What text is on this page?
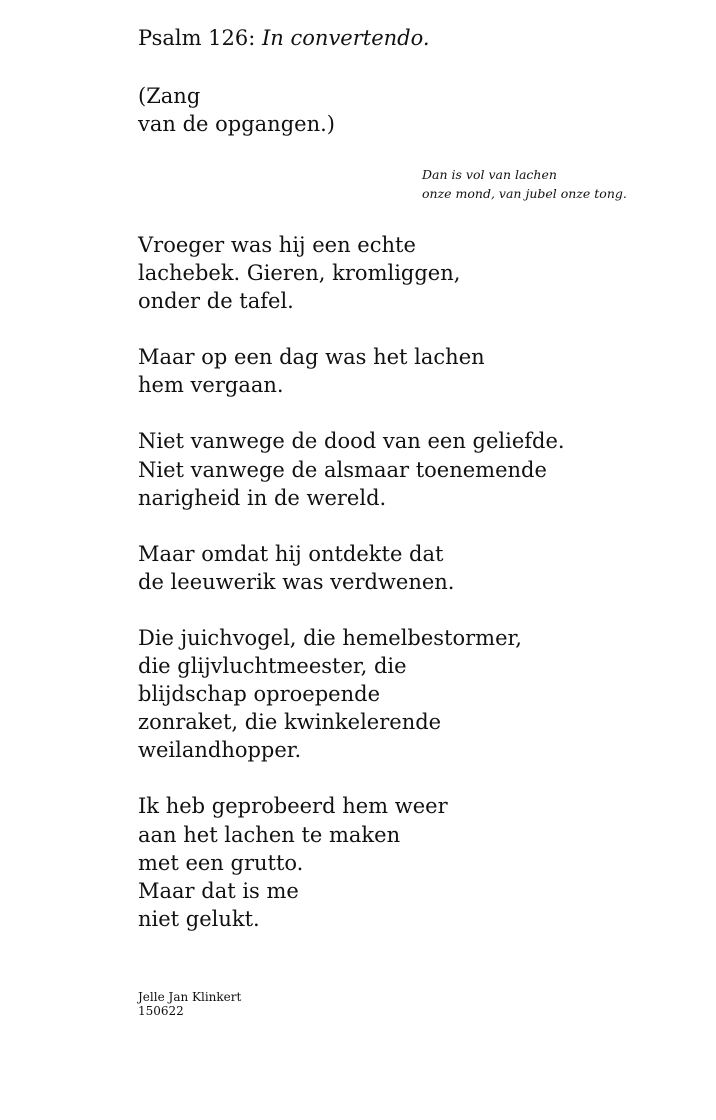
Psalm 126: In convertendo.
(Zang
van de opgangen.)
Dan is vol van lachen
onze mond, van jubel onze tong.
Vroeger was hij een echte
lachebek. Gieren, kromliggen,
onder de tafel.
Maar op een dag was het lachen
hem vergaan.
Niet vanwege de dood van een geliefde.
Niet vanwege de alsmaar toenemende
narigheid in de wereld.
Maar omdat hij ontdekte dat
de leeuwerik was verdwenen.
Die juichvogel, die hemelbestormer,
die glijvluchtmeester, die
blijdschap oproepende
zonraket, die kwinkelerende
weilandhopper.
Ik heb geprobeerd hem weer
aan het lachen te maken
met een grutto.
Maar dat is me
niet gelukt.
Jelle Jan Klinkert
150622
